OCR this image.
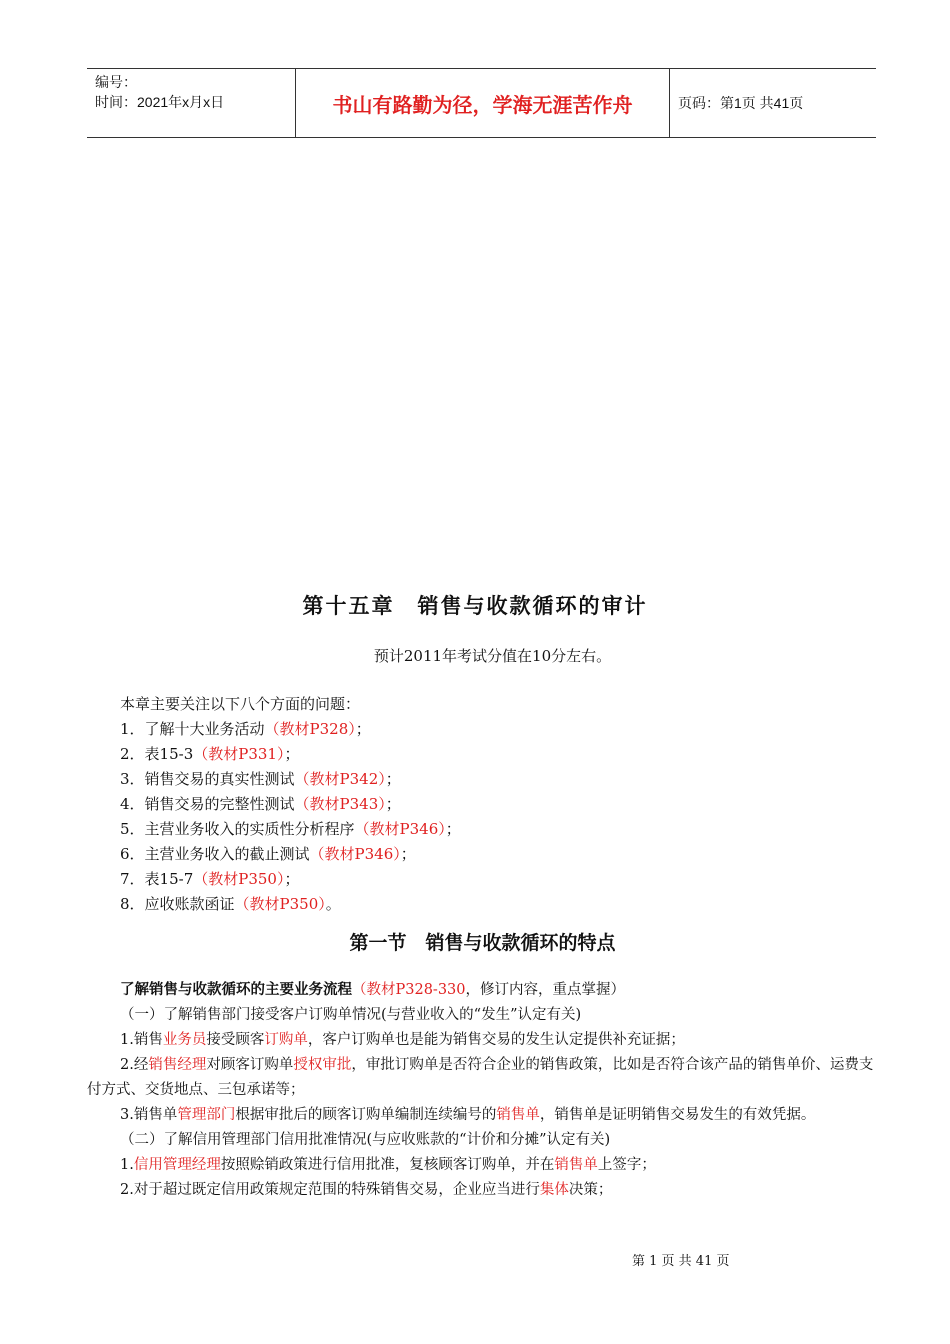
编号：
时间：2021年x月x日	书山有路勤为径，学海无涯苦作舟	页码：第1页 共41页
第十五章　销售与收款循环的审计
预计2011年考试分值在10分左右。
本章主要关注以下八个方面的问题：
1．了解十大业务活动（教材P328）；
2．表15-3（教材P331）；
3．销售交易的真实性测试（教材P342）；
4．销售交易的完整性测试（教材P343）；
5．主营业务收入的实质性分析程序（教材P346）；
6．主营业务收入的截止测试（教材P346）；
7．表15-7（教材P350）；
8．应收账款函证（教材P350）。
第一节　销售与收款循环的特点
了解销售与收款循环的主要业务流程（教材P328-330，修订内容，重点掌握）
（一）了解销售部门接受客户订购单情况(与营业收入的“发生”认定有关)
1.销售业务员接受顾客订购单，客户订购单也是能为销售交易的发生认定提供补充证据；
2.经销售经理对顾客订购单授权审批，审批订购单是否符合企业的销售政策，比如是否符合该产品的销售单价、运费支付方式、交货地点、三包承诺等；
3.销售单管理部门根据审批后的顾客订购单编制连续编号的销售单，销售单是证明销售交易发生的有效凭据。
（二）了解信用管理部门信用批准情况(与应收账款的“计价和分摊”认定有关)
1.信用管理经理按照赊销政策进行信用批准，复核顾客订购单，并在销售单上签字；
2.对于超过既定信用政策规定范围的特殊销售交易，企业应当进行集体决策；
第 1 页 共 41 页
